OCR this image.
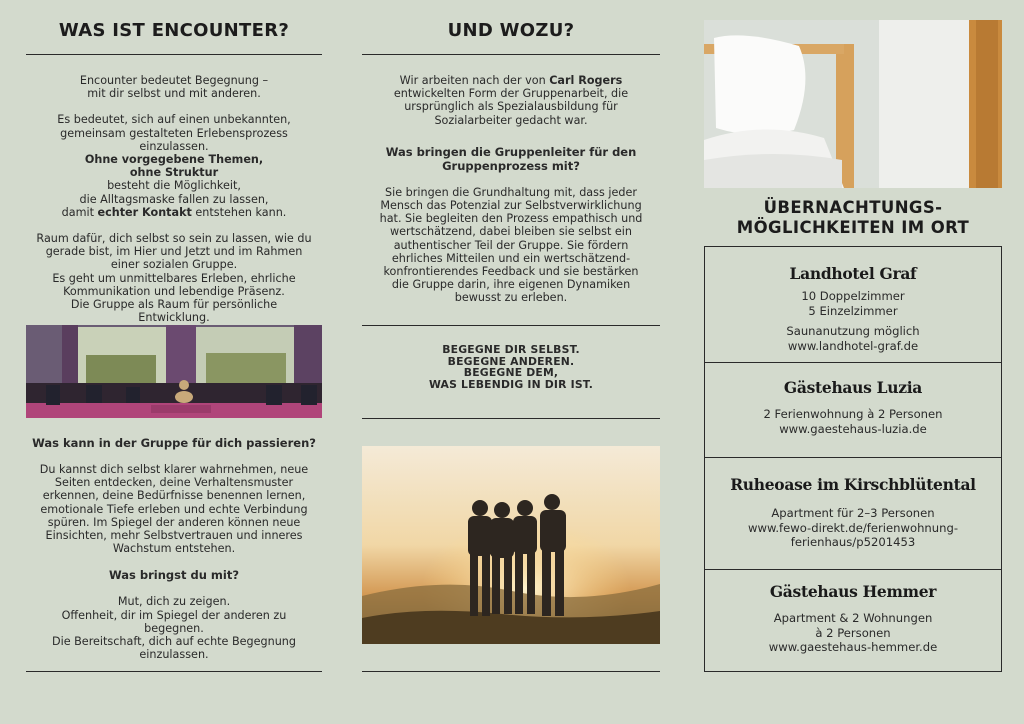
WAS IST ENCOUNTER?

Encounter bedeutet Begegnung –
mit dir selbst und mit anderen.

Es bedeutet, sich auf einen unbekannten,
gemeinsam gestalteten Erlebensprozess
einzulassen.
Ohne vorgegebene Themen,
ohne Struktur
besteht die Möglichkeit,
die Alltagsmaske fallen zu lassen,
damit echter Kontakt entstehen kann.

Raum dafür, dich selbst so sein zu lassen, wie du
gerade bist, im Hier und Jetzt und im Rahmen
einer sozialen Gruppe.
Es geht um unmittelbares Erleben, ehrliche
Kommunikation und lebendige Präsenz.
Die Gruppe als Raum für persönliche
Entwicklung.

Was kann in der Gruppe für dich passieren?

Du kannst dich selbst klarer wahrnehmen, neue
Seiten entdecken, deine Verhaltensmuster
erkennen, deine Bedürfnisse benennen lernen,
emotionale Tiefe erleben und echte Verbindung
spüren. Im Spiegel der anderen können neue
Einsichten, mehr Selbstvertrauen und inneres
Wachstum entstehen.

Was bringst du mit?

Mut, dich zu zeigen.
Offenheit, dir im Spiegel der anderen zu
begegnen.
Die Bereitschaft, dich auf echte Begegnung
einzulassen.

UND WOZU?

Wir arbeiten nach der von Carl Rogers
entwickelten Form der Gruppenarbeit, die
ursprünglich als Spezialausbildung für
Sozialarbeiter gedacht war.

Was bringen die Gruppenleiter für den
Gruppenprozess mit?

Sie bringen die Grundhaltung mit, dass jeder
Mensch das Potenzial zur Selbstverwirklichung
hat. Sie begleiten den Prozess empathisch und
wertschätzend, dabei bleiben sie selbst ein
authentischer Teil der Gruppe. Sie fördern
ehrliches Mitteilen und ein wertschätzend-
konfrontierendes Feedback und sie bestärken
die Gruppe darin, ihre eigenen Dynamiken
bewusst zu erleben.

BEGEGNE DIR SELBST.
BEGEGNE ANDEREN.
BEGEGNE DEM,
WAS LEBENDIG IN DIR IST.
ÜBERNACHTUNGS-
MÖGLICHKEITEN IM ORT
Landhotel Graf
10 Doppelzimmer
5 Einzelzimmer
Saunanutzung möglich
www.landhotel-graf.de
Gästehaus Luzia
2 Ferienwohnung à 2 Personen
www.gaestehaus-luzia.de
Ruheoase im Kirschblütental
Apartment für 2–3 Personen
www.fewo-direkt.de/ferienwohnung-
ferienhaus/p5201453
Gästehaus Hemmer
Apartment & 2 Wohnungen
à 2 Personen
www.gaestehaus-hemmer.de
